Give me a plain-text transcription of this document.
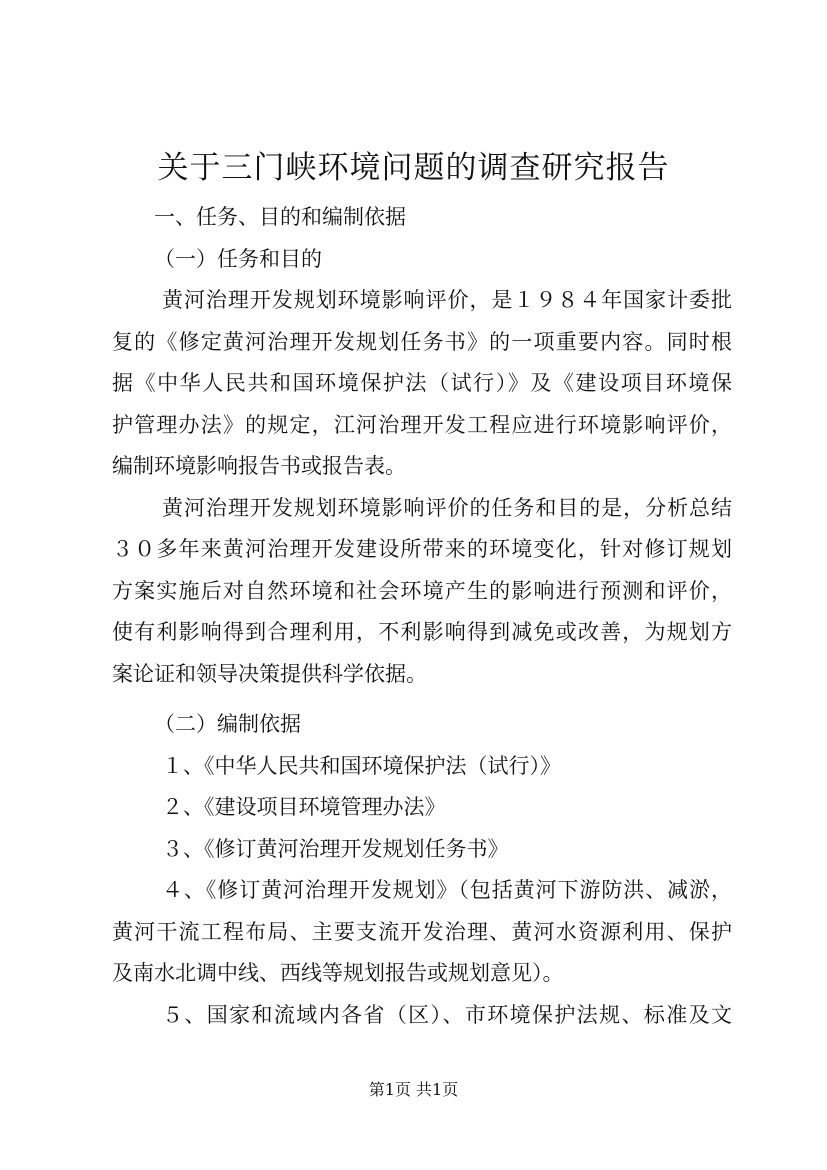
关于三门峡环境问题的调查研究报告
一、任务、目的和编制依据
（一）任务和目的
黄河治理开发规划环境影响评价，是１９８４年国家计委批
复的《修定黄河治理开发规划任务书》的一项重要内容。同时根
据《中华人民共和国环境保护法（试行）》及《建设项目环境保
护管理办法》的规定，江河治理开发工程应进行环境影响评价，
编制环境影响报告书或报告表。
黄河治理开发规划环境影响评价的任务和目的是，分析总结
３０多年来黄河治理开发建设所带来的环境变化，针对修订规划
方案实施后对自然环境和社会环境产生的影响进行预测和评价，
使有利影响得到合理利用，不利影响得到减免或改善，为规划方
案论证和领导决策提供科学依据。
（二）编制依据
１、《中华人民共和国环境保护法（试行）》
２、《建设项目环境管理办法》
３、《修订黄河治理开发规划任务书》
４、《修订黄河治理开发规划》（包括黄河下游防洪、减淤，
黄河干流工程布局、主要支流开发治理、黄河水资源利用、保护
及南水北调中线、西线等规划报告或规划意见）。
５、国家和流域内各省（区）、市环境保护法规、标准及文
第1页 共1页
